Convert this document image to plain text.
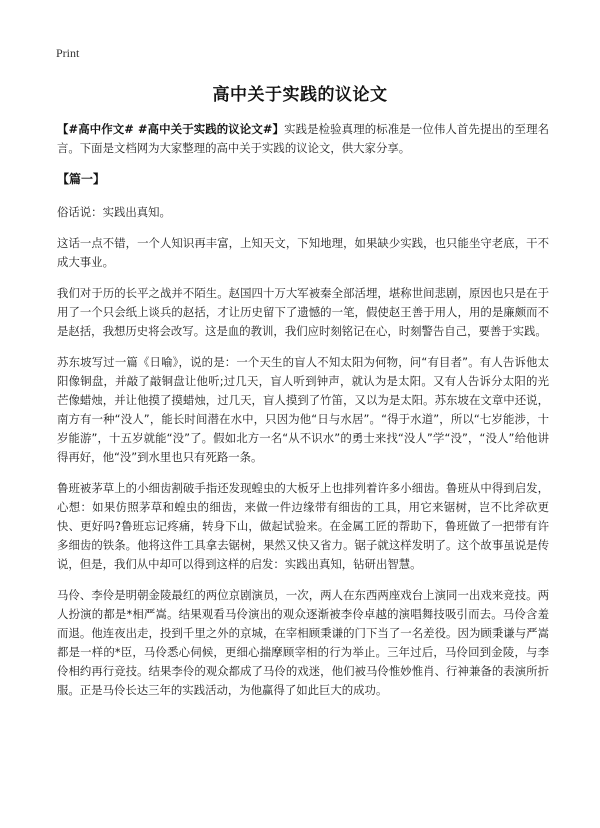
Print
高中关于实践的议论文

【#高中作文# #高中关于实践的议论文#】实践是检验真理的标准是一位伟人首先提出的至理名言。下面是文档网为大家整理的高中关于实践的议论文，供大家分享。

【篇一】

俗话说：实践出真知。

这话一点不错，一个人知识再丰富，上知天文，下知地理，如果缺少实践，也只能坐守老底，干不成大事业。

我们对于历的长平之战并不陌生。赵国四十万大军被秦全部活埋，堪称世间悲剧，原因也只是在于用了一个只会纸上谈兵的赵括，才让历史留下了遗憾的一笔，假使赵王善于用人，用的是廉颇而不是赵括，我想历史将会改写。这是血的教训，我们应时刻铭记在心，时刻警告自己，要善于实践。

苏东坡写过一篇《日喻》，说的是：一个天生的盲人不知太阳为何物，问“有目者”。有人告诉他太阳像铜盘，并敲了敲铜盘让他听;过几天，盲人听到钟声，就认为是太阳。又有人告诉分太阳的光芒像蜡烛，并让他摸了摸蜡烛，过几天，盲人摸到了竹笛，又以为是太阳。苏东坡在文章中还说，南方有一种“没人”，能长时间潜在水中，只因为他“日与水居”。“得于水道”，所以“七岁能涉，十岁能游”，十五岁就能“没”了。假如北方一名“从不识水”的勇士来找“没人”学“没”，“没人”给他讲得再好，他“没”到水里也只有死路一条。

鲁班被茅草上的小细齿割破手指还发现蝗虫的大板牙上也排列着许多小细齿。鲁班从中得到启发，心想：如果仿照茅草和蝗虫的细齿，来做一件边缘带有细齿的工具，用它来锯树，岂不比斧砍更快、更好吗?鲁班忘记疼痛，转身下山，做起试验来。在金属工匠的帮助下，鲁班做了一把带有许多细齿的铁条。他将这件工具拿去锯树，果然又快又省力。锯子就这样发明了。这个故事虽说是传说，但是，我们从中却可以得到这样的启发：实践出真知，钻研出智慧。

马伶、李伶是明朝金陵最红的两位京剧演员，一次，两人在东西两座戏台上演同一出戏来竞技。两人扮演的都是*相严嵩。结果观看马伶演出的观众逐渐被李伶卓越的演唱舞技吸引而去。马伶含羞而退。他连夜出走，投到千里之外的京城，在宰相顾秉谦的门下当了一名差役。因为顾秉谦与严嵩都是一样的*臣，马伶悉心伺候，更细心揣摩顾宰相的行为举止。三年过后，马伶回到金陵，与李伶相约再行竞技。结果李伶的观众都成了马伶的戏迷，他们被马伶惟妙惟肖、行神兼备的表演所折服。正是马伶长达三年的实践活动，为他赢得了如此巨大的成功。
